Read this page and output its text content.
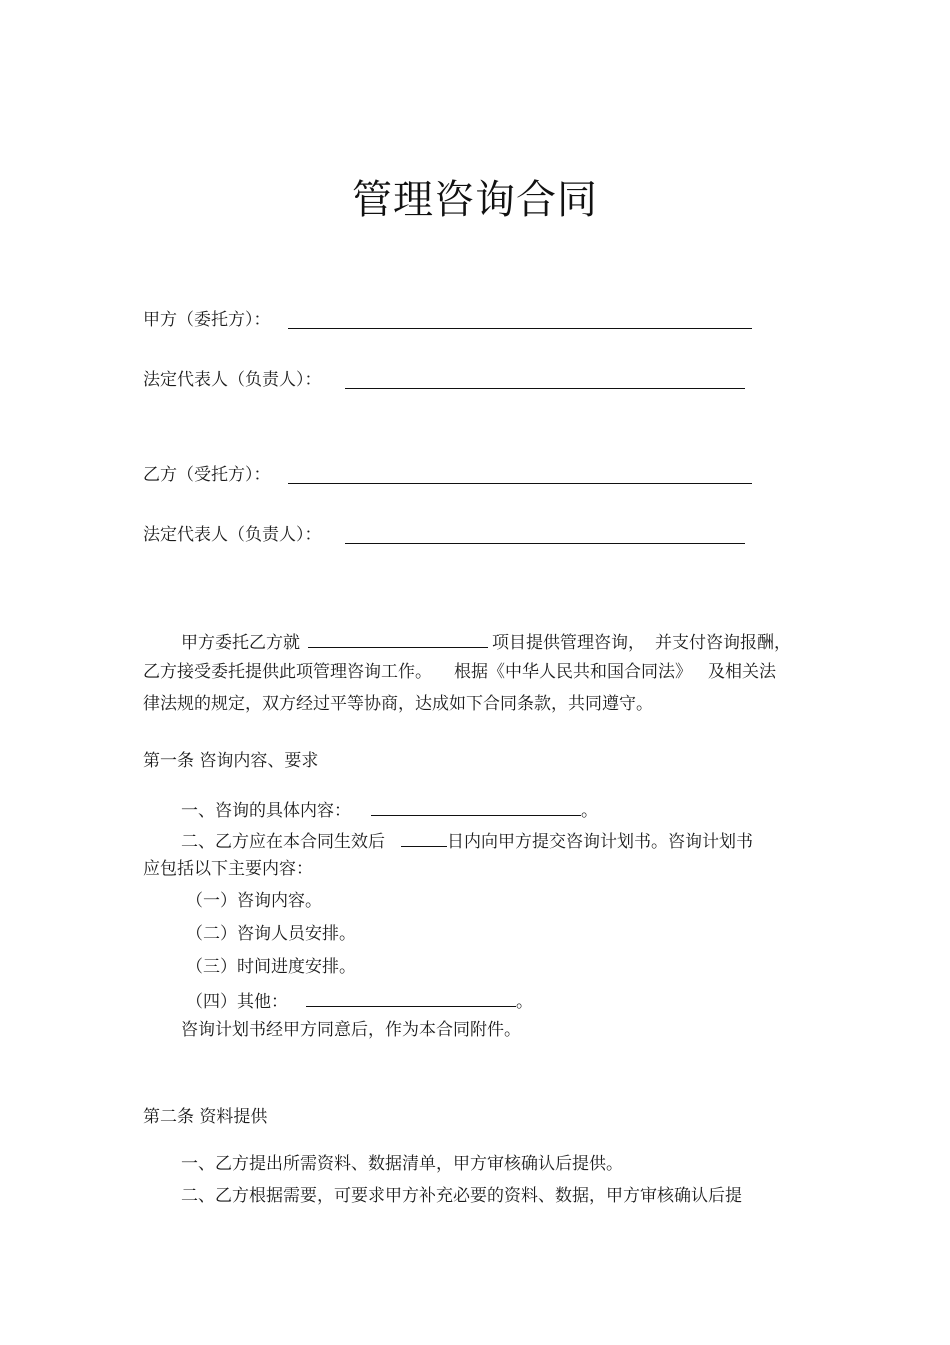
管理咨询合同
甲方（委托方）：
法定代表人（负责人）：
乙方（受托方）：
法定代表人（负责人）：
甲方委托乙方就	项目提供管理咨询， 并支付咨询报酬，
乙方接受委托提供此项管理咨询工作。 根据《中华人民共和国合同法》 及相关法
律法规的规定，双方经过平等协商，达成如下合同条款，共同遵守。
第一条 咨询内容、要求
一、咨询的具体内容：	。
二、乙方应在本合同生效后	日内向甲方提交咨询计划书。咨询计划书
应包括以下主要内容：
（一）咨询内容。
（二）咨询人员安排。
（三）时间进度安排。
（四）其他：	。
咨询计划书经甲方同意后，作为本合同附件。
第二条 资料提供
一、乙方提出所需资料、数据清单，甲方审核确认后提供。
二、乙方根据需要，可要求甲方补充必要的资料、数据，甲方审核确认后提
